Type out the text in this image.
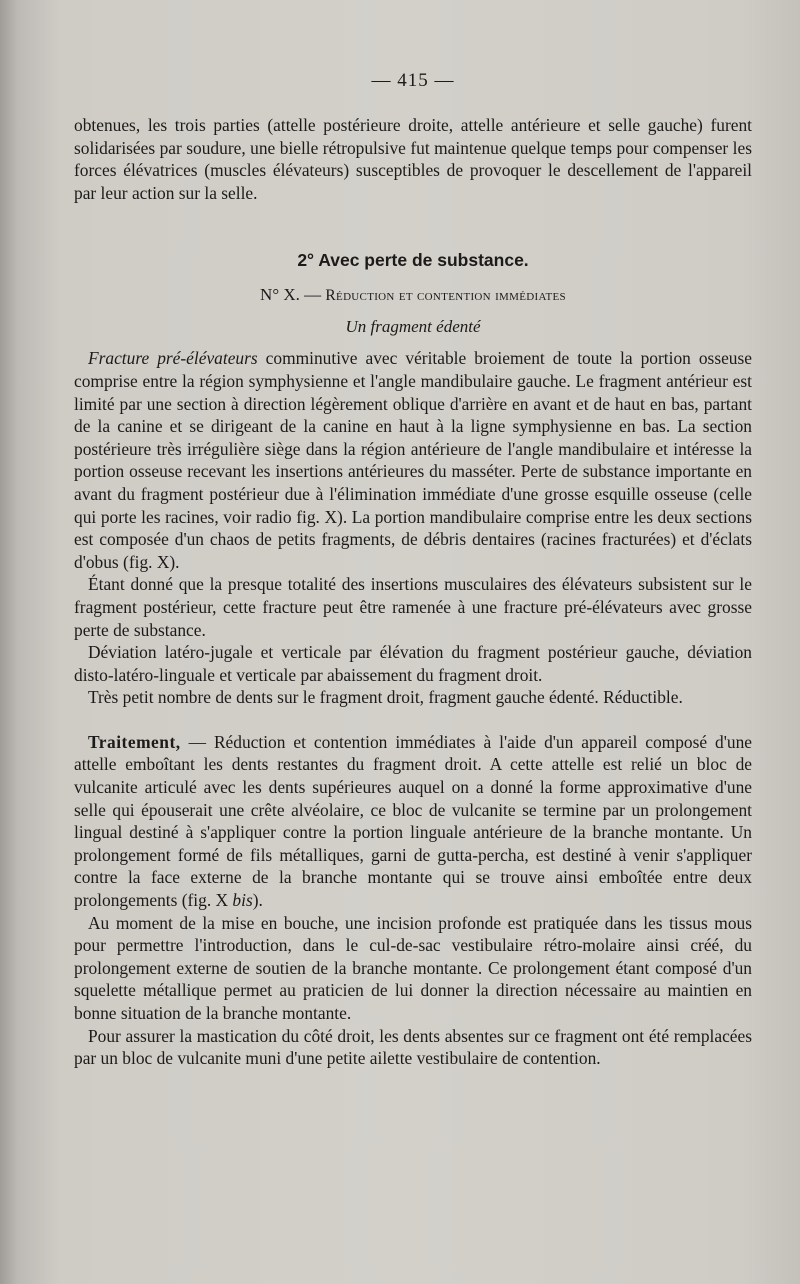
— 415 —

obtenues, les trois parties (attelle postérieure droite, attelle antérieure et selle gauche) furent solidarisées par soudure, une bielle rétropulsive fut maintenue quelque temps pour compenser les forces élévatrices (muscles élévateurs) susceptibles de provoquer le descellement de l'appareil par leur action sur la selle.

2° Avec perte de substance.
N° X. — Réduction et contention immédiates
Un fragment édenté

Fracture pré-élévateurs comminutive avec véritable broiement de toute la portion osseuse comprise entre la région symphysienne et l'angle mandibulaire gauche. Le fragment antérieur est limité par une section à direction légèrement oblique d'arrière en avant et de haut en bas, partant de la canine et se dirigeant de la canine en haut à la ligne symphysienne en bas. La section postérieure très irrégulière siège dans la région antérieure de l'angle mandibulaire et intéresse la portion osseuse recevant les insertions antérieures du masséter. Perte de substance importante en avant du fragment postérieur due à l'élimination immédiate d'une grosse esquille osseuse (celle qui porte les racines, voir radio fig. X). La portion mandibulaire comprise entre les deux sections est composée d'un chaos de petits fragments, de débris dentaires (racines fracturées) et d'éclats d'obus (fig. X).

Étant donné que la presque totalité des insertions musculaires des élévateurs subsistent sur le fragment postérieur, cette fracture peut être ramenée à une fracture pré-élévateurs avec grosse perte de substance.

Déviation latéro-jugale et verticale par élévation du fragment postérieur gauche, déviation disto-latéro-linguale et verticale par abaissement du fragment droit.

Très petit nombre de dents sur le fragment droit, fragment gauche édenté. Réductible.

Traitement, — Réduction et contention immédiates à l'aide d'un appareil composé d'une attelle emboîtant les dents restantes du fragment droit. A cette attelle est relié un bloc de vulcanite articulé avec les dents supérieures auquel on a donné la forme approximative d'une selle qui épouserait une crête alvéolaire, ce bloc de vulcanite se termine par un prolongement lingual destiné à s'appliquer contre la portion linguale antérieure de la branche montante. Un prolongement formé de fils métalliques, garni de gutta-percha, est destiné à venir s'appliquer contre la face externe de la branche montante qui se trouve ainsi emboîtée entre deux prolongements (fig. X bis).

Au moment de la mise en bouche, une incision profonde est pratiquée dans les tissus mous pour permettre l'introduction, dans le cul-de-sac vestibulaire rétro-molaire ainsi créé, du prolongement externe de soutien de la branche montante. Ce prolongement étant composé d'un squelette métallique permet au praticien de lui donner la direction nécessaire au maintien en bonne situation de la branche montante.

Pour assurer la mastication du côté droit, les dents absentes sur ce fragment ont été remplacées par un bloc de vulcanite muni d'une petite ailette vestibulaire de contention.
